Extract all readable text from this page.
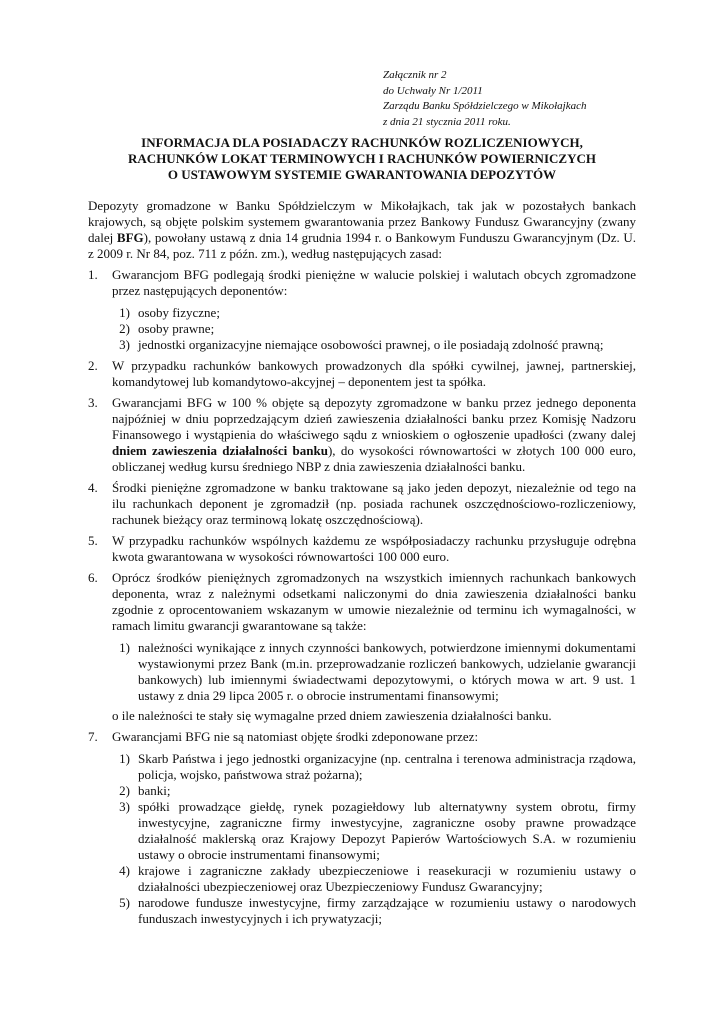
Załącznik nr 2
do Uchwały Nr 1/2011
Zarządu Banku Spółdzielczego w Mikołajkach
z dnia 21 stycznia 2011 roku.
INFORMACJA DLA POSIADACZY RACHUNKÓW ROZLICZENIOWYCH,
RACHUNKÓW LOKAT TERMINOWYCH I RACHUNKÓW POWIERNICZYCH
O USTAWOWYM SYSTEMIE GWARANTOWANIA DEPOZYTÓW

Depozyty gromadzone w Banku Spółdzielczym w Mikołajkach, tak jak w pozostałych bankach krajowych, są objęte polskim systemem gwarantowania przez Bankowy Fundusz Gwarancyjny (zwany dalej BFG), powołany ustawą z dnia 14 grudnia 1994 r. o Bankowym Funduszu Gwarancyjnym (Dz. U. z 2009 r. Nr 84, poz. 711 z późn. zm.), według następujących zasad:

1. Gwarancjom BFG podlegają środki pieniężne w walucie polskiej i walutach obcych zgromadzone przez następujących deponentów:
1) osoby fizyczne;
2) osoby prawne;
3) jednostki organizacyjne niemające osobowości prawnej, o ile posiadają zdolność prawną;
2. W przypadku rachunków bankowych prowadzonych dla spółki cywilnej, jawnej, partnerskiej, komandytowej lub komandytowo-akcyjnej – deponentem jest ta spółka.
3. Gwarancjami BFG w 100 % objęte są depozyty zgromadzone w banku przez jednego deponenta najpóźniej w dniu poprzedzającym dzień zawieszenia działalności banku przez Komisję Nadzoru Finansowego i wystąpienia do właściwego sądu z wnioskiem o ogłoszenie upadłości (zwany dalej dniem zawieszenia działalności banku), do wysokości równowartości w złotych 100 000 euro, obliczanej według kursu średniego NBP z dnia zawieszenia działalności banku.
4. Środki pieniężne zgromadzone w banku traktowane są jako jeden depozyt, niezależnie od tego na ilu rachunkach deponent je zgromadził (np. posiada rachunek oszczędnościowo-rozliczeniowy, rachunek bieżący oraz terminową lokatę oszczędnościową).
5. W przypadku rachunków wspólnych każdemu ze współposiadaczy rachunku przysługuje odrębna kwota gwarantowana w wysokości równowartości 100 000 euro.
6. Oprócz środków pieniężnych zgromadzonych na wszystkich imiennych rachunkach bankowych deponenta, wraz z należnymi odsetkami naliczonymi do dnia zawieszenia działalności banku zgodnie z oprocentowaniem wskazanym w umowie niezależnie od terminu ich wymagalności, w ramach limitu gwarancji gwarantowane są także:
1) należności wynikające z innych czynności bankowych, potwierdzone imiennymi dokumentami wystawionymi przez Bank (m.in. przeprowadzanie rozliczeń bankowych, udzielanie gwarancji bankowych) lub imiennymi świadectwami depozytowymi, o których mowa w art. 9 ust. 1 ustawy z dnia 29 lipca 2005 r. o obrocie instrumentami finansowymi;
o ile należności te stały się wymagalne przed dniem zawieszenia działalności banku.
7. Gwarancjami BFG nie są natomiast objęte środki zdeponowane przez:
1) Skarb Państwa i jego jednostki organizacyjne (np. centralna i terenowa administracja rządowa, policja, wojsko, państwowa straż pożarna);
2) banki;
3) spółki prowadzące giełdę, rynek pozagiełdowy lub alternatywny system obrotu, firmy inwestycyjne, zagraniczne firmy inwestycyjne, zagraniczne osoby prawne prowadzące działalność maklerską oraz Krajowy Depozyt Papierów Wartościowych S.A. w rozumieniu ustawy o obrocie instrumentami finansowymi;
4) krajowe i zagraniczne zakłady ubezpieczeniowe i reasekuracji w rozumieniu ustawy o działalności ubezpieczeniowej oraz Ubezpieczeniowy Fundusz Gwarancyjny;
5) narodowe fundusze inwestycyjne, firmy zarządzające w rozumieniu ustawy o narodowych funduszach inwestycyjnych i ich prywatyzacji;
